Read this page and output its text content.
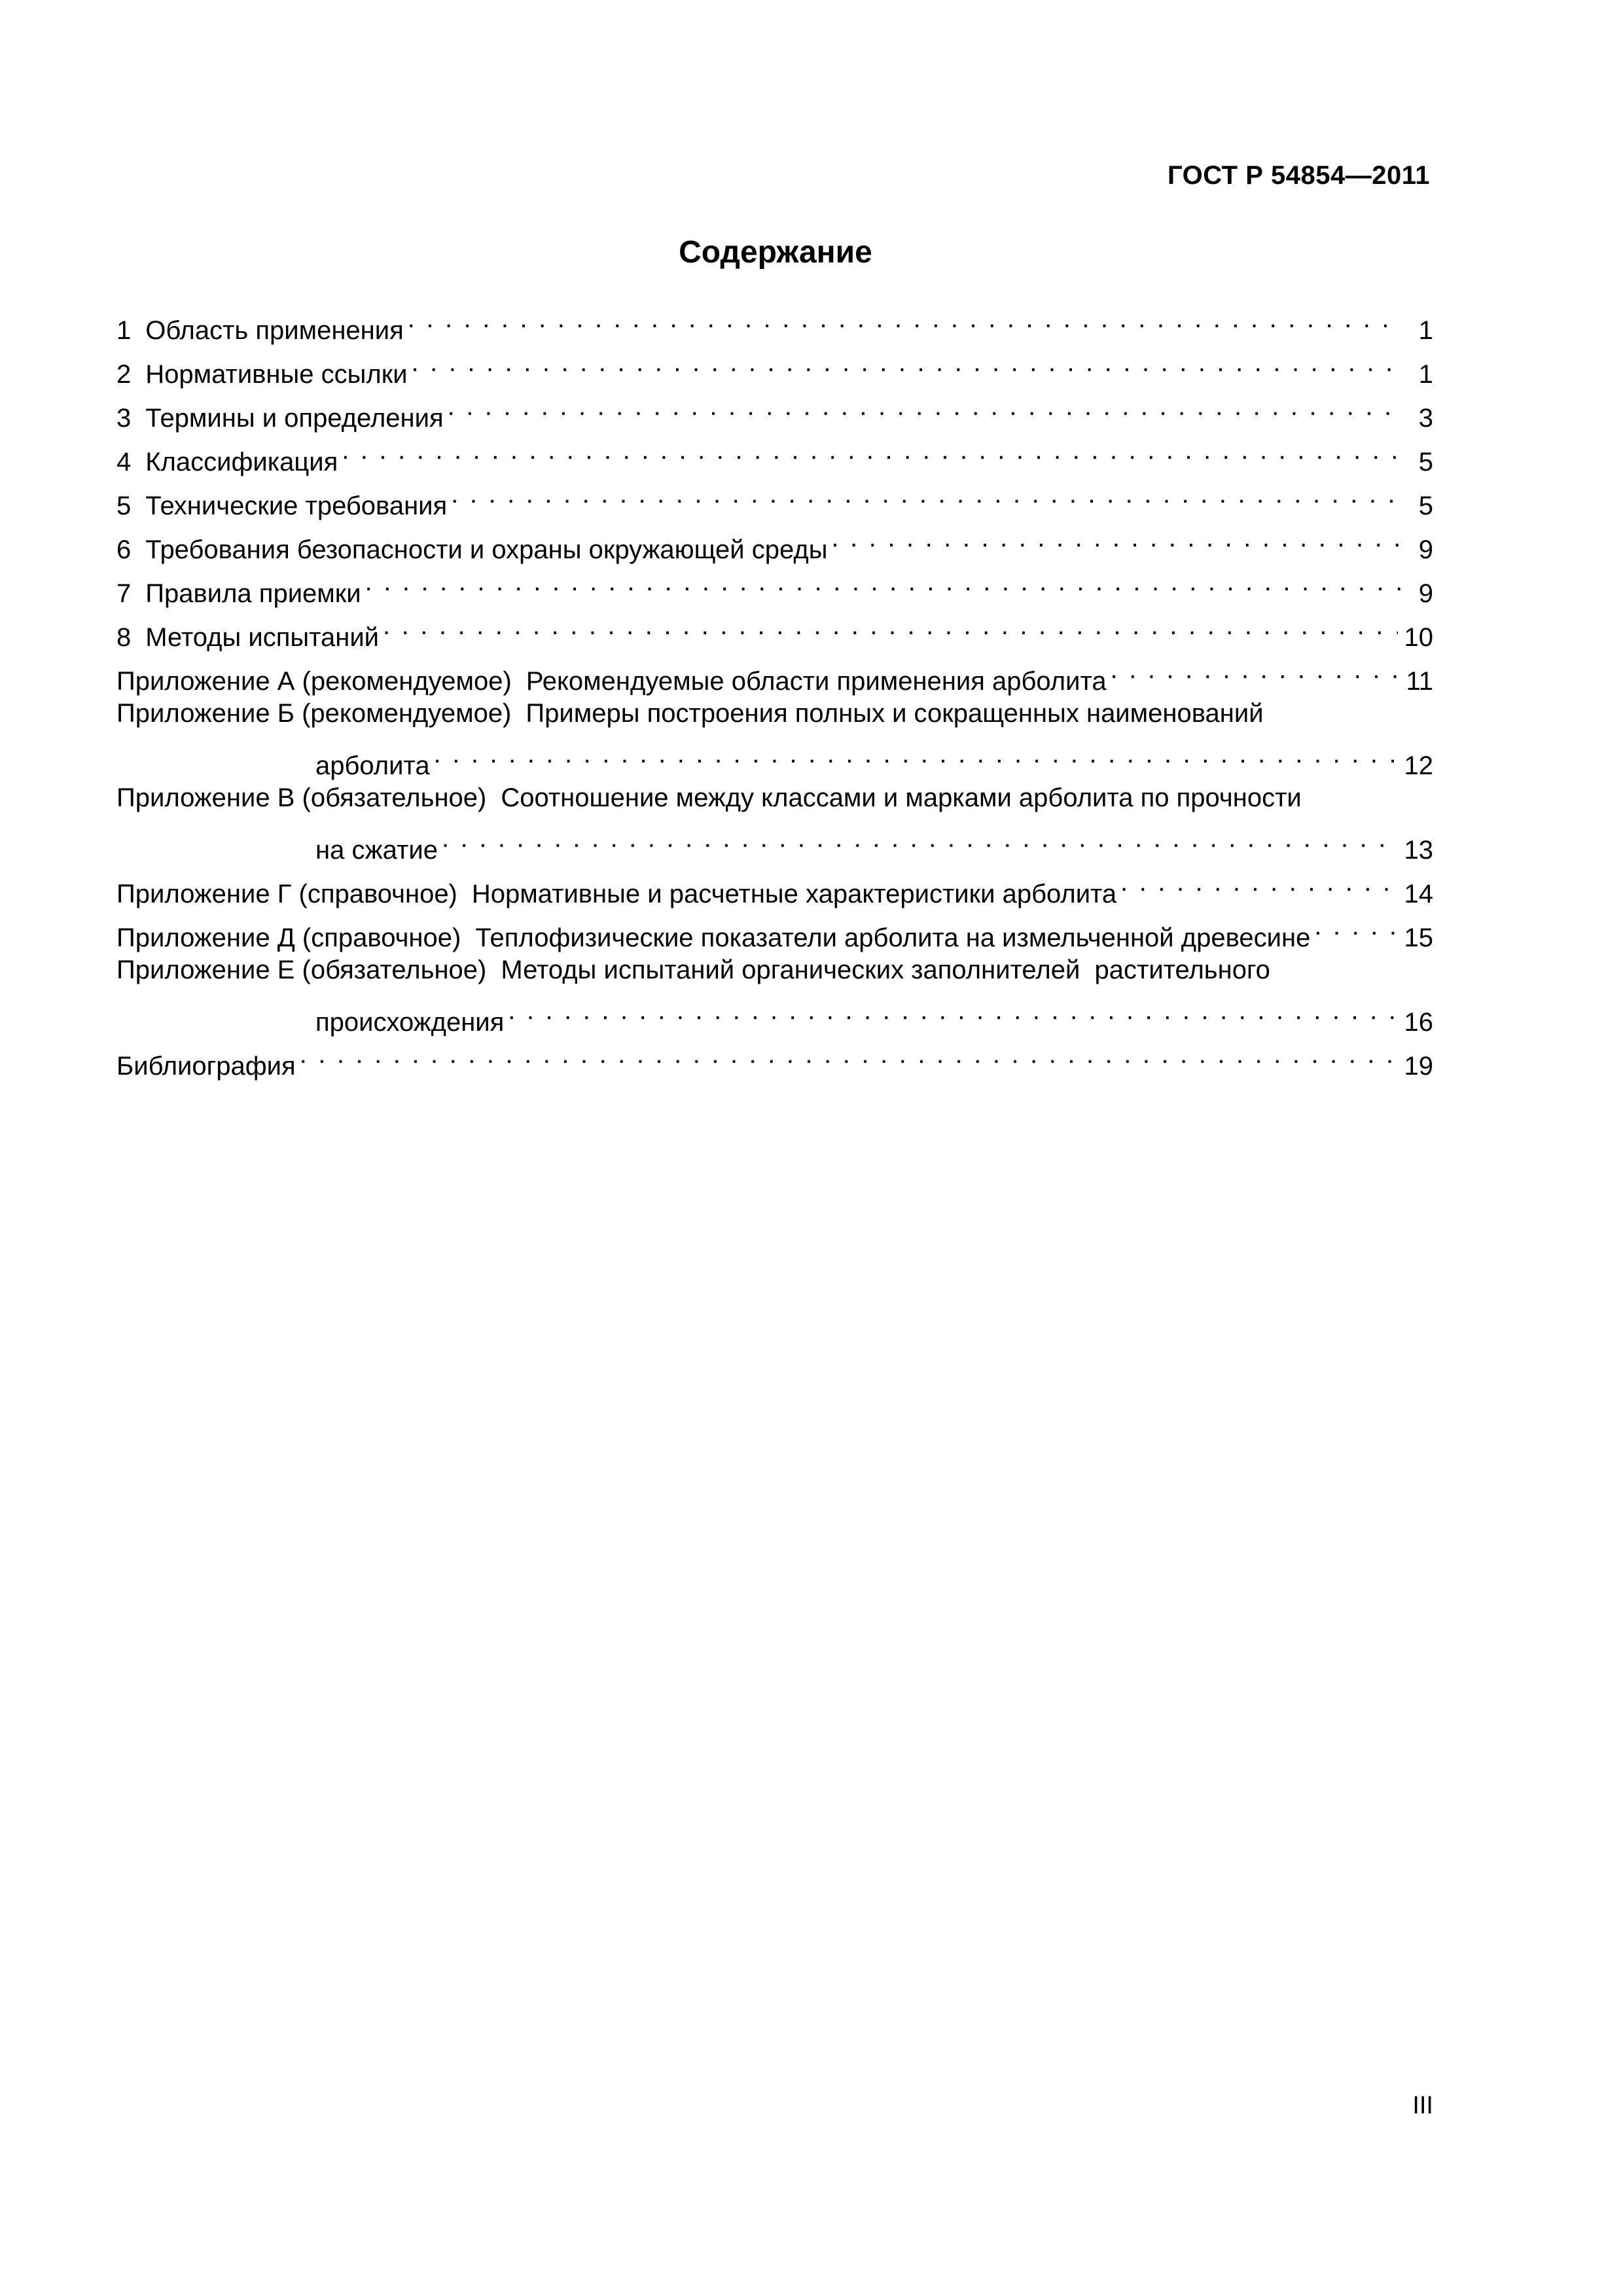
ГОСТ Р 54854—2011
Содержание
1 Область применения . . .	1
2 Нормативные ссылки . . .	1
3 Термины и определения . . .	3
4 Классификация . . .	5
5 Технические требования . . .	5
6 Требования безопасности и охраны окружающей среды . . .	9
7 Правила приемки . . .	9
8 Методы испытаний . . .	10
Приложение А (рекомендуемое) Рекомендуемые области применения арболита . . .	11
Приложение Б (рекомендуемое) Примеры построения полных и сокращенных наименований
арболита . . .	12
Приложение В (обязательное) Соотношение между классами и марками арболита по прочности
на сжатие . . .	13
Приложение Г (справочное) Нормативные и расчетные характеристики арболита . . .	14
Приложение Д (справочное) Теплофизические показатели арболита на измельченной древесине . . .	15
Приложение Е (обязательное) Методы испытаний органических заполнителей  растительного
происхождения . . .	16
Библиография . . .	19
III
